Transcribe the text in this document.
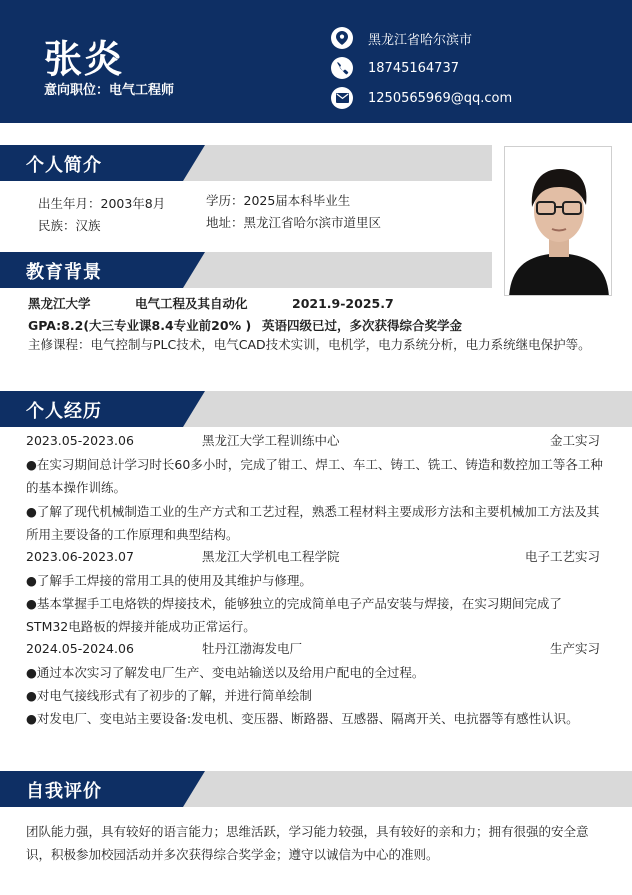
张炎
意向职位：电气工程师
黑龙江省哈尔滨市
18745164737
1250565969@qq.com
个人简介
出生年月：2003年8月	学历：2025届本科毕业生
民族：汉族	地址：黑龙江省哈尔滨市道里区
教育背景
黑龙江大学	电气工程及其自动化	2021.9-2025.7
GPA:8.2(大三专业课8.4专业前20% ) 英语四级已过，多次获得综合奖学金
主修课程：电气控制与PLC技术，电气CAD技术实训，电机学，电力系统分析，电力系统继电保护等。
个人经历
2023.05-2023.06	黑龙江大学工程训练中心	金工实习
●在实习期间总计学习时长60多小时，完成了钳工、焊工、车工、铸工、铣工、铸造和数控加工等各工种的基本操作训练。
●了解了现代机械制造工业的生产方式和工艺过程，熟悉工程材料主要成形方法和主要机械加工方法及其所用主要设备的工作原理和典型结构。
2023.06-2023.07	黑龙江大学机电工程学院	电子工艺实习
●了解手工焊接的常用工具的使用及其维护与修理。
●基本掌握手工电烙铁的焊接技术，能够独立的完成简单电子产品安装与焊接，在实习期间完成了STM32电路板的焊接并能成功正常运行。
2024.05-2024.06	牡丹江渤海发电厂	生产实习
●通过本次实习了解发电厂生产、变电站输送以及给用户配电的全过程。
●对电气接线形式有了初步的了解，并进行简单绘制
●对发电厂、变电站主要设备:发电机、变压器、断路器、互感器、隔离开关、电抗器等有感性认识。
自我评价
团队能力强，具有较好的语言能力；思维活跃，学习能力较强，具有较好的亲和力；拥有很强的安全意识，积极参加校园活动并多次获得综合奖学金；遵守以诚信为中心的准则。
